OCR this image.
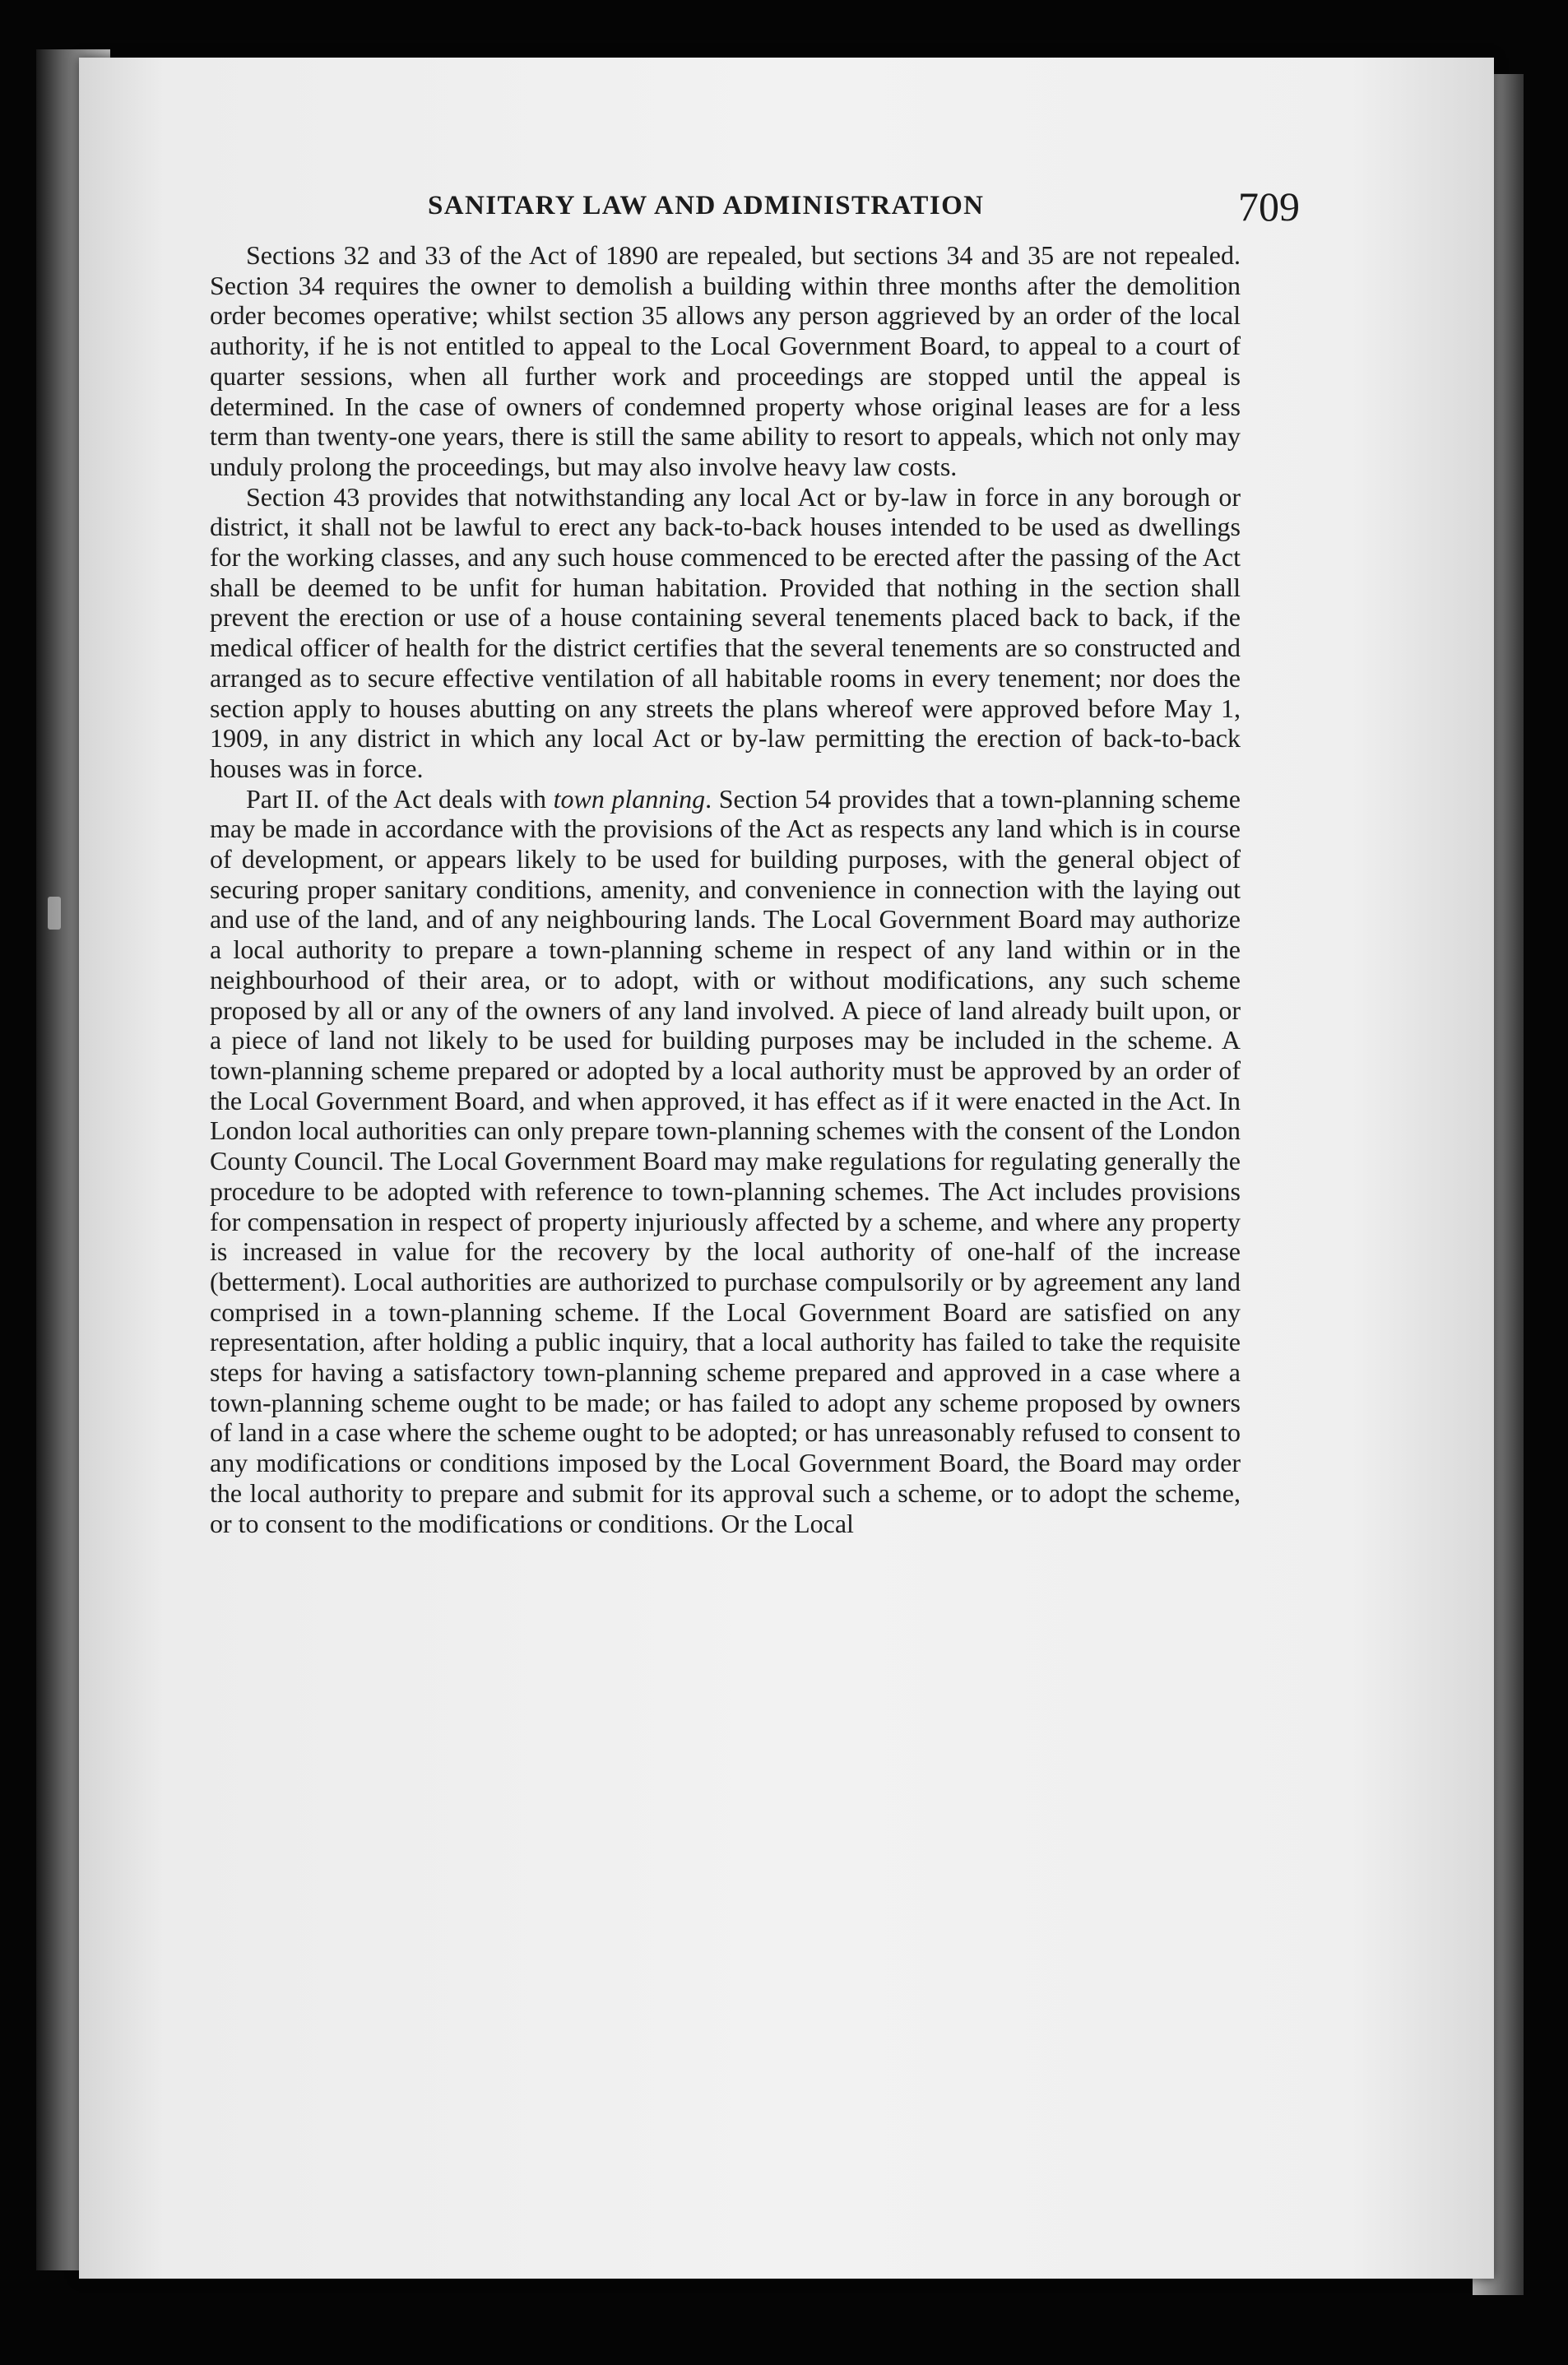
SANITARY LAW AND ADMINISTRATION	709

Sections 32 and 33 of the Act of 1890 are repealed, but sections 34 and 35 are not repealed. Section 34 requires the owner to demolish a building within three months after the demolition order becomes operative; whilst section 35 allows any person aggrieved by an order of the local authority, if he is not entitled to appeal to the Local Government Board, to appeal to a court of quarter sessions, when all further work and proceedings are stopped until the appeal is determined. In the case of owners of condemned property whose original leases are for a less term than twenty-one years, there is still the same ability to resort to appeals, which not only may unduly prolong the proceedings, but may also involve heavy law costs.

Section 43 provides that notwithstanding any local Act or by-law in force in any borough or district, it shall not be lawful to erect any back-to-back houses intended to be used as dwellings for the working classes, and any such house commenced to be erected after the passing of the Act shall be deemed to be unfit for human habitation. Provided that nothing in the section shall prevent the erection or use of a house containing several tenements placed back to back, if the medical officer of health for the district certifies that the several tenements are so constructed and arranged as to secure effective ventilation of all habitable rooms in every tenement; nor does the section apply to houses abutting on any streets the plans whereof were approved before May 1, 1909, in any district in which any local Act or by-law permitting the erection of back-to-back houses was in force.

Part II. of the Act deals with town planning. Section 54 provides that a town-planning scheme may be made in accordance with the provisions of the Act as respects any land which is in course of development, or appears likely to be used for building purposes, with the general object of securing proper sanitary conditions, amenity, and convenience in connection with the laying out and use of the land, and of any neighbouring lands. The Local Government Board may authorize a local authority to prepare a town-planning scheme in respect of any land within or in the neighbourhood of their area, or to adopt, with or without modifications, any such scheme proposed by all or any of the owners of any land involved. A piece of land already built upon, or a piece of land not likely to be used for building purposes may be included in the scheme. A town-planning scheme prepared or adopted by a local authority must be approved by an order of the Local Government Board, and when approved, it has effect as if it were enacted in the Act. In London local authorities can only prepare town-planning schemes with the consent of the London County Council. The Local Government Board may make regulations for regulating generally the procedure to be adopted with reference to town-planning schemes. The Act includes provisions for compensation in respect of property injuriously affected by a scheme, and where any property is increased in value for the recovery by the local authority of one-half of the increase (betterment). Local authorities are authorized to purchase compulsorily or by agreement any land comprised in a town-planning scheme. If the Local Government Board are satisfied on any representation, after holding a public inquiry, that a local authority has failed to take the requisite steps for having a satisfactory town-planning scheme prepared and approved in a case where a town-planning scheme ought to be made; or has failed to adopt any scheme proposed by owners of land in a case where the scheme ought to be adopted; or has unreasonably refused to consent to any modifications or conditions imposed by the Local Government Board, the Board may order the local authority to prepare and submit for its approval such a scheme, or to adopt the scheme, or to consent to the modifications or conditions. Or the Local
